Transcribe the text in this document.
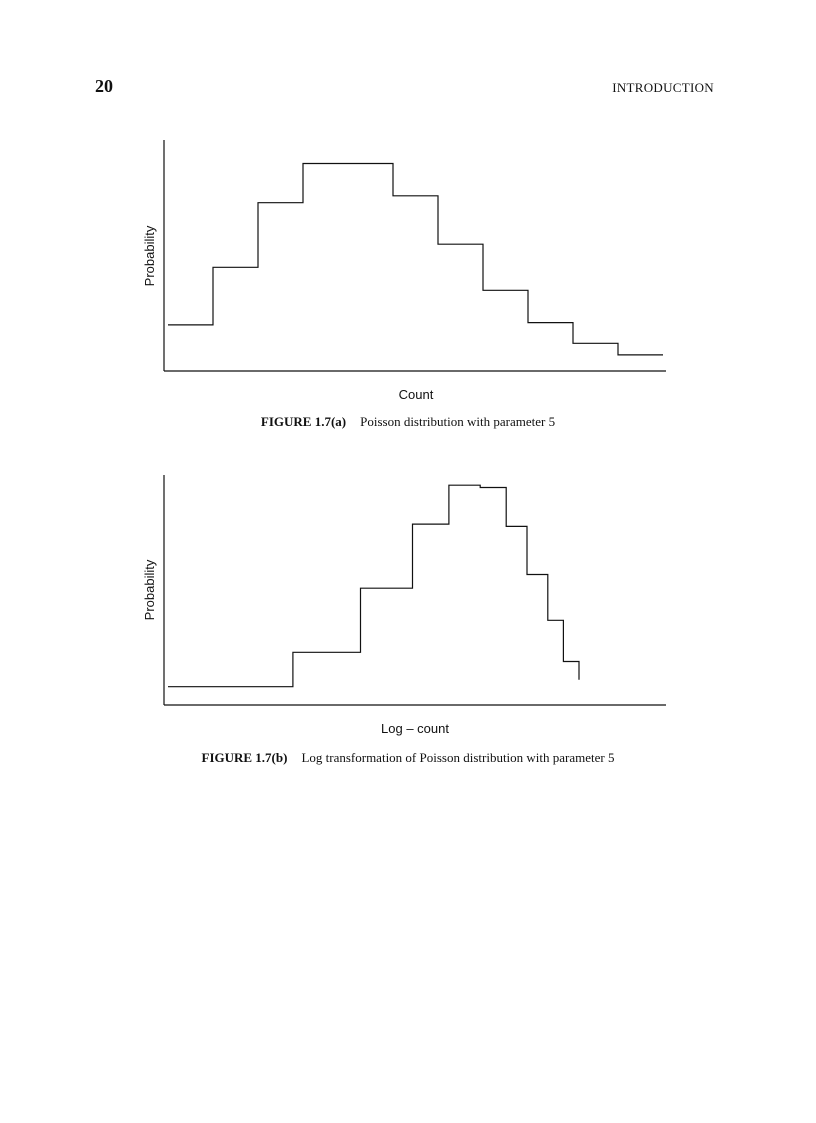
20	INTRODUCTION
Count
Probability
FIGURE 1.7(a) Poisson distribution with parameter 5
Log – count
Probability
FIGURE 1.7(b) Log transformation of Poisson distribution with parameter 5
